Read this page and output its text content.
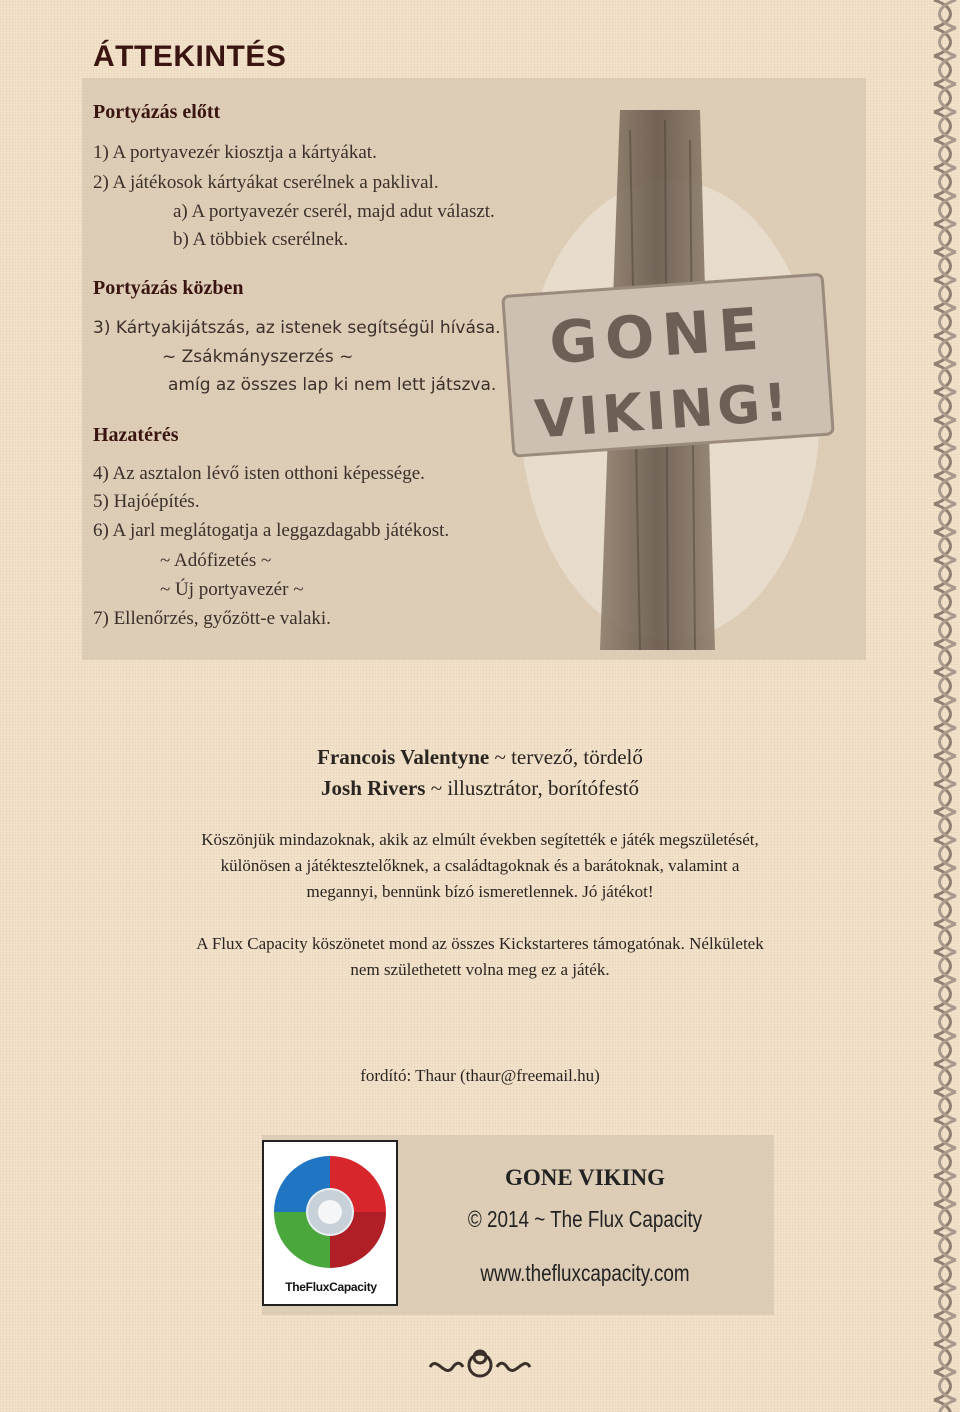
GONE
VIKING!
ÁTTEKINTÉS
Portyázás előtt
1) A portyavezér kiosztja a kártyákat.
2) A játékosok kártyákat cserélnek a paklival.
a) A portyavezér cserél, majd adut választ.
b) A többiek cserélnek.
Portyázás közben
3) Kártyakijátszás, az istenek segítségül hívása.
~ Zsákmányszerzés ~
amíg az összes lap ki nem lett játszva.
Hazatérés
4) Az asztalon lévő isten otthoni képessége.
5) Hajóépítés.
6) A jarl meglátogatja a leggazdagabb játékost.
~ Adófizetés ~
~ Új portyavezér ~
7) Ellenőrzés, győzött-e valaki.
Francois Valentyne ~ tervező, tördelő
Josh Rivers ~ illusztrátor, borítófestő
Köszönjük mindazoknak, akik az elmúlt években segítették e játék megszületését,
különösen a játéktesztelőknek, a családtagoknak és a barátoknak, valamint a
megannyi, bennünk bízó ismeretlennek. Jó játékot!
A Flux Capacity köszönetet mond az összes Kickstarteres támogatónak. Nélkületek
nem születhetett volna meg ez a játék.
fordító: Thaur (thaur@freemail.hu)
TheFluxCapacity
GONE VIKING
© 2014 ~ The Flux Capacity
www.thefluxcapacity.com
